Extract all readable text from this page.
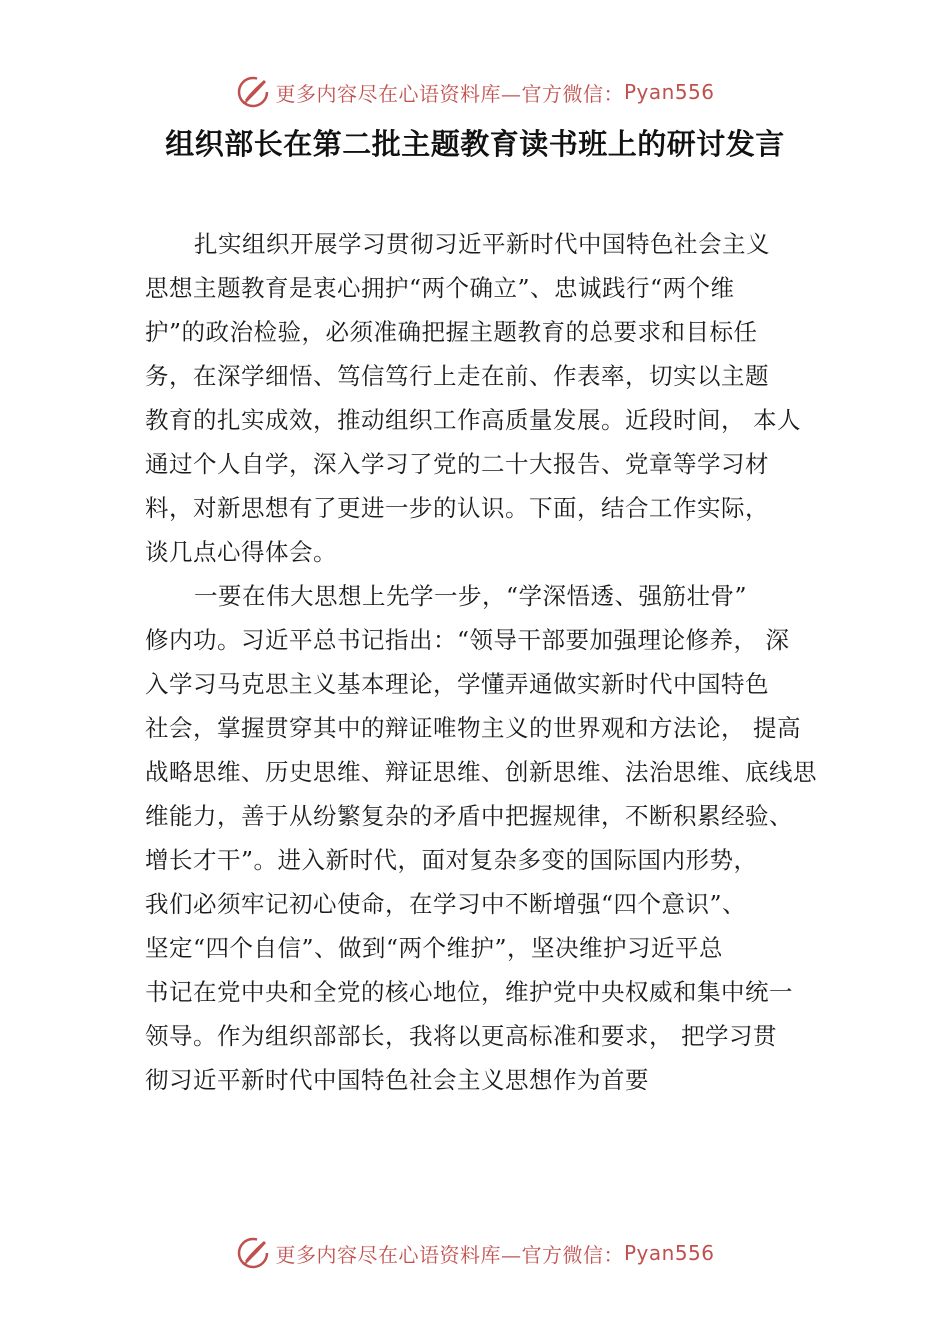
更多内容尽在心语资料库—官方微信： Pyan556
组织部长在第二批主题教育读书班上的研讨发言
扎实组织开展学习贯彻习近平新时代中国特色社会主义
思想主题教育是衷心拥护“两个确立”、忠诚践行“两个维
护”的政治检验，必须准确把握主题教育的总要求和目标任
务，在深学细悟、笃信笃行上走在前、作表率，切实以主题
教育的扎实成效，推动组织工作高质量发展。近段时间， 本人
通过个人自学，深入学习了党的二十大报告、党章等学习材
料，对新思想有了更进一步的认识。下面，结合工作实际，
谈几点心得体会。
一要在伟大思想上先学一步，“学深悟透、强筋壮骨”
修内功。习近平总书记指出：“领导干部要加强理论修养， 深
入学习马克思主义基本理论，学懂弄通做实新时代中国特色
社会，掌握贯穿其中的辩证唯物主义的世界观和方法论， 提高
战略思维、历史思维、辩证思维、创新思维、法治思维、底线思
维能力，善于从纷繁复杂的矛盾中把握规律，不断积累经验、
增长才干”。进入新时代，面对复杂多变的国际国内形势，
我们必须牢记初心使命，在学习中不断增强“四个意识”、
坚定“四个自信”、做到“两个维护”，坚决维护习近平总
书记在党中央和全党的核心地位，维护党中央权威和集中统一
领导。作为组织部部长，我将以更高标准和要求， 把学习贯
彻习近平新时代中国特色社会主义思想作为首要
更多内容尽在心语资料库—官方微信： Pyan556
